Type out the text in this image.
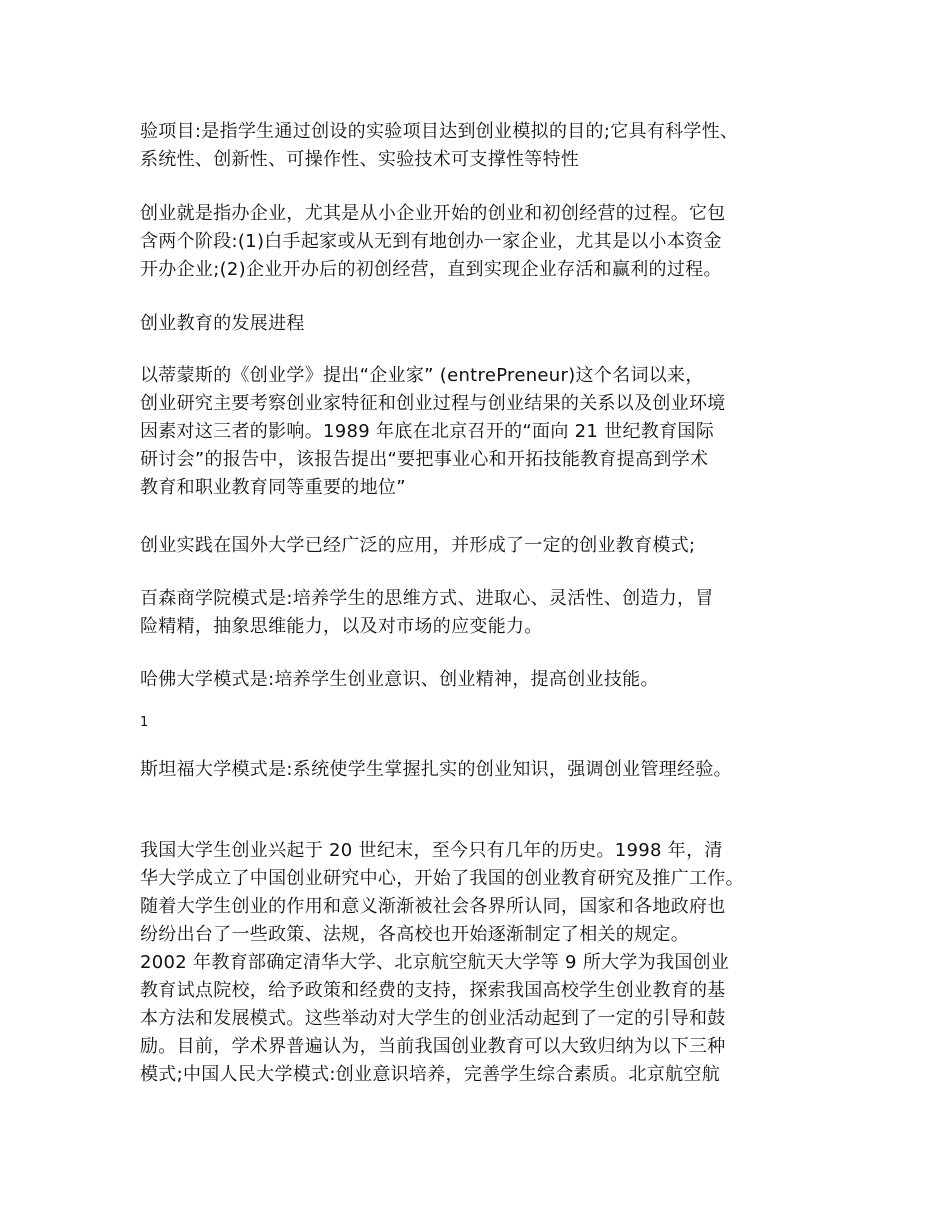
验项目:是指学生通过创设的实验项目达到创业模拟的目的;它具有科学性、
系统性、创新性、可操作性、实验技术可支撑性等特性

创业就是指办企业，尤其是从小企业开始的创业和初创经营的过程。它包
含两个阶段:(1)白手起家或从无到有地创办一家企业，尤其是以小本资金
开办企业;(2)企业开办后的初创经营，直到实现企业存活和赢利的过程。

创业教育的发展进程

以蒂蒙斯的《创业学》提出“企业家” (entrePreneur)这个名词以来，
创业研究主要考察创业家特征和创业过程与创业结果的关系以及创业环境
因素对这三者的影响。1989 年底在北京召开的“面向 21 世纪教育国际
研讨会”的报告中，该报告提出“要把事业心和开拓技能教育提高到学术
教育和职业教育同等重要的地位”

创业实践在国外大学已经广泛的应用，并形成了一定的创业教育模式;

百森商学院模式是:培养学生的思维方式、进取心、灵活性、创造力，冒
险精精，抽象思维能力，以及对市场的应变能力。

哈佛大学模式是:培养学生创业意识、创业精神，提高创业技能。

1

斯坦福大学模式是:系统使学生掌握扎实的创业知识，强调创业管理经验。

我国大学生创业兴起于 20 世纪末，至今只有几年的历史。1998 年，清
华大学成立了中国创业研究中心，开始了我国的创业教育研究及推广工作。
随着大学生创业的作用和意义渐渐被社会各界所认同，国家和各地政府也
纷纷出台了一些政策、法规，各高校也开始逐渐制定了相关的规定。
2002 年教育部确定清华大学、北京航空航天大学等 9 所大学为我国创业
教育试点院校，给予政策和经费的支持，探索我国高校学生创业教育的基
本方法和发展模式。这些举动对大学生的创业活动起到了一定的引导和鼓
励。目前，学术界普遍认为，当前我国创业教育可以大致归纳为以下三种
模式;中国人民大学模式:创业意识培养，完善学生综合素质。北京航空航
